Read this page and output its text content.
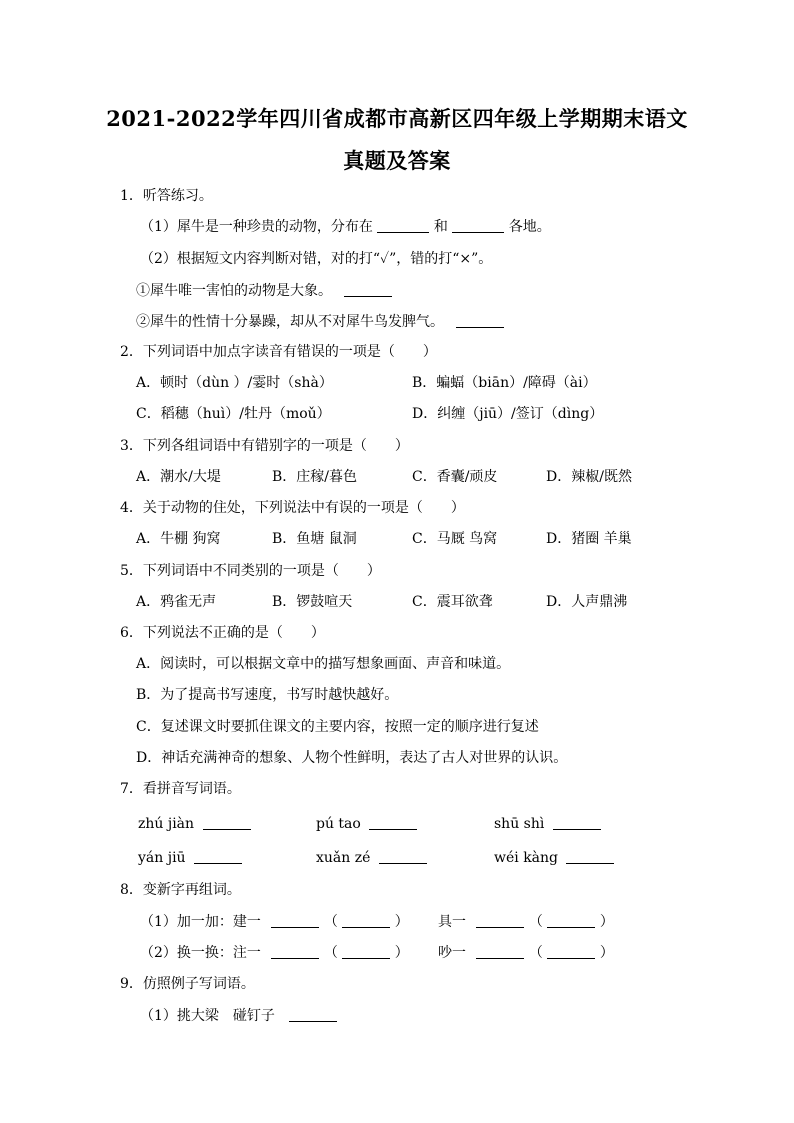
2021-2022学年四川省成都市高新区四年级上学期期末语文
真题及答案
1．听答练习。
（1）犀牛是一种珍贵的动物，分布在	和	各地。
（2）根据短文内容判断对错，对的打“✓”，错的打“×”。
①犀牛唯一害怕的动物是大象。
②犀牛的性情十分暴躁，却从不对犀牛鸟发脾气。
2．下列词语中加点字读音有错误的一项是（　　）
A．顿时（dùn ）/霎时（shà）	B．蝙蝠（biān）/障碍（ài）
C．稻穗（huì）/牡丹（moǔ）	D．纠缠（jiū）/签订（dìng）
3．下列各组词语中有错别字的一项是（　　）
A．潮水/大堤	B．庄稼/暮色	C．香囊/顽皮	D．辣椒/既然
4．关于动物的住处，下列说法中有误的一项是（　　）
A．牛棚 狗窝	B．鱼塘 鼠洞	C．马厩 鸟窝	D．猪圈 羊巢
5．下列词语中不同类别的一项是（　　）
A．鸦雀无声	B．锣鼓喧天	C．震耳欲聋	D．人声鼎沸
6．下列说法不正确的是（　　）
A．阅读时，可以根据文章中的描写想象画面、声音和味道。
B．为了提高书写速度，书写时越快越好。
C．复述课文时要抓住课文的主要内容，按照一定的顺序进行复述
D．神话充满神奇的想象、人物个性鲜明，表达了古人对世界的认识。
7．看拼音写词语。
zhú jiàn	pú tao	shū shì
yán jiū	xuǎn zé	wéi kàng
8．变新字再组词。
（1）加一加：建一	（	） 具一	（	）
（2）换一换：注一	（	） 吵一	（	）
9．仿照例子写词语。
（1）挑大梁　碰钉子
